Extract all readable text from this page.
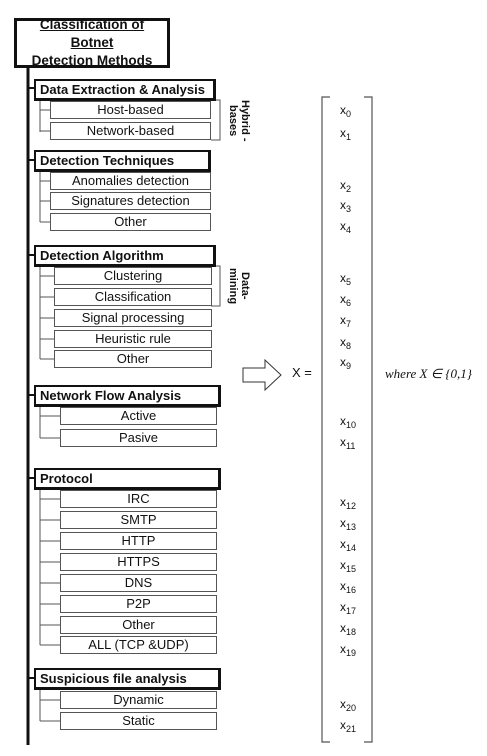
Classification of Botnet
Detection Methods
Data Extraction & Analysis
Host-based
Network-based	Hybrid -bases
Detection Techniques
Anomalies detection
Signatures detection
Other
Detection Algorithm
Clustering
Classification
Signal processing
Heuristic rule
Other
Data- mining
Network Flow Analysis
Active
Pasive
Protocol
IRC
SMTP
HTTP
HTTPS
DNS
P2P
Other
ALL (TCP &UDP)
Suspicious file analysis
Dynamic
Static
X =
$x_0$
$x_1$
$x_2$
$x_3$
$x_4$
$x_5$
$x_6$
$x_7$
$x_8$
$x_9$
$x_{10}$
$x_{11}$
$x_{12}$
$x_{13}$
$x_{14}$
$x_{15}$
$x_{16}$
$x_{17}$
$x_{18}$
$x_{19}$
$x_{20}$
$x_{21}$
where X ∈ {0,1}
